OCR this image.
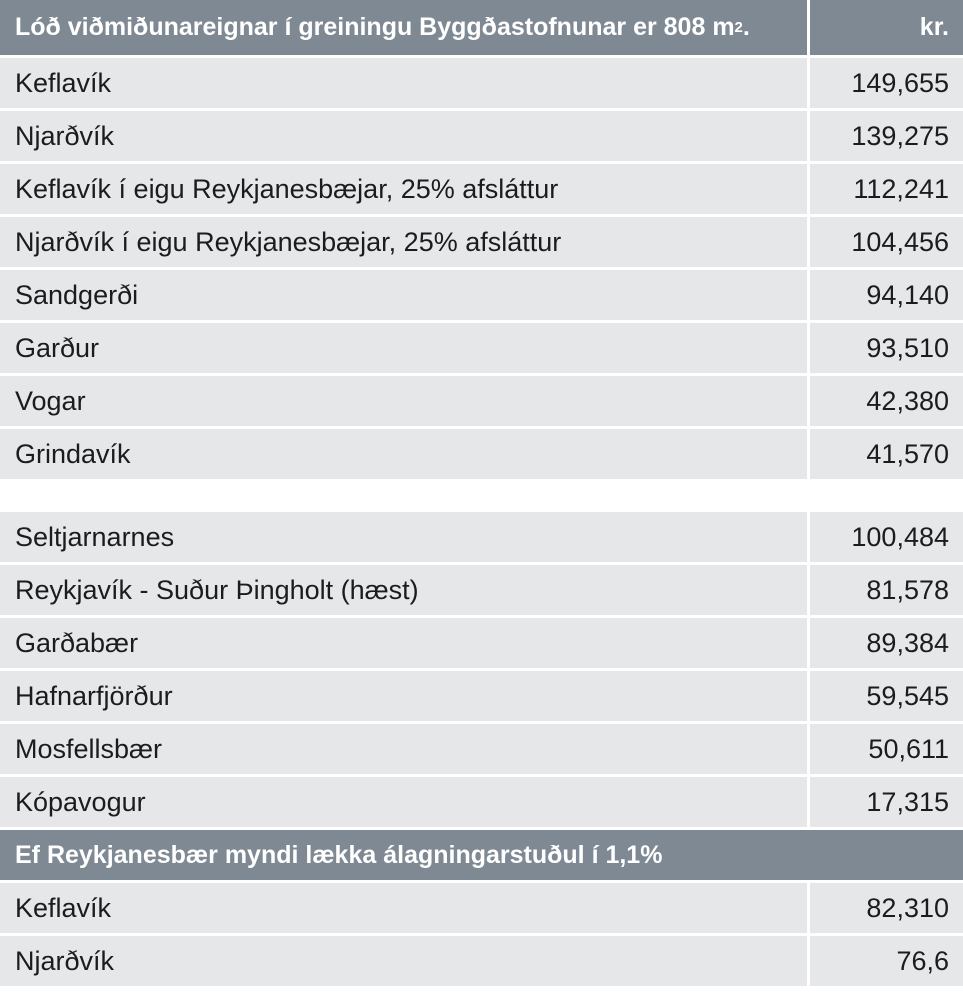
Lóð viðmiðunareignar í greiningu Byggðastofnunar er 808 m 2 .	kr.
Keflavík	149,655
Njarðvík	139,275
Keflavík í eigu Reykjanesbæjar, 25% afsláttur	112,241
Njarðvík í eigu Reykjanesbæjar, 25% afsláttur	104,456
Sandgerði	94,140
Garður	93,510
Vogar	42,380
Grindavík	41,570
Seltjarnarnes	100,484
Reykjavík - Suður Þingholt (hæst)	81,578
Garðabær	89,384
Hafnarfjörður	59,545
Mosfellsbær	50,611
Kópavogur	17,315
Ef Reykjanesbær myndi lækka álagningarstuðul í 1,1%
Keflavík	82,310
Njarðvík	76,6
